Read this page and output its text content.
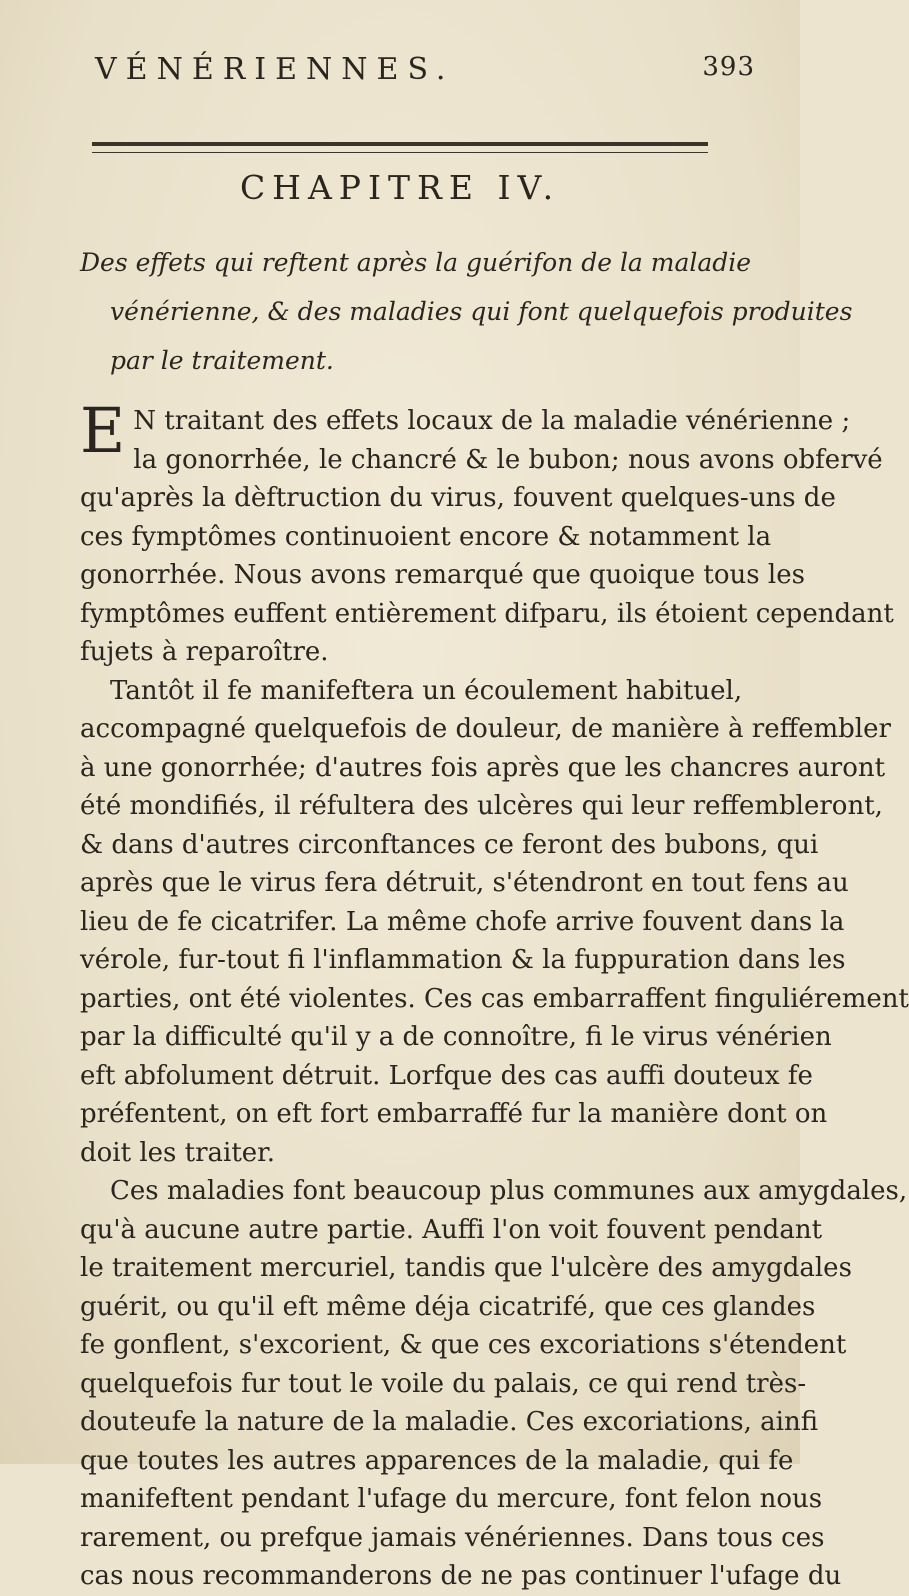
VÉNÉRIENNES.	393
CHAPITRE IV.
Des effets qui reftent après la guérifon de la maladie
vénérienne, & des maladies qui font quelquefois produites
par le traitement.

E N traitant des effets locaux de la maladie vénérienne ;
la gonorrhée, le chancré & le bubon; nous avons obfervé
qu'après la dèftruction du virus, fouvent quelques-uns de
ces fymptômes continuoient encore & notamment la
gonorrhée. Nous avons remarqué que quoique tous les
fymptômes euffent entièrement difparu, ils étoient cependant
fujets à reparoître.

Tantôt il fe manifeftera un écoulement habituel,
accompagné quelquefois de douleur, de manière à reffembler
à une gonorrhée; d'autres fois après que les chancres auront
été mondifiés, il réfultera des ulcères qui leur reffembleront,
& dans d'autres circonftances ce feront des bubons, qui
après que le virus fera détruit, s'étendront en tout fens au
lieu de fe cicatrifer. La même chofe arrive fouvent dans la
vérole, fur-tout fi l'inflammation & la fuppuration dans les
parties, ont été violentes. Ces cas embarraffent finguliérement
par la difficulté qu'il y a de connoître, fi le virus vénérien
eft abfolument détruit. Lorfque des cas auffi douteux fe
préfentent, on eft fort embarraffé fur la manière dont on
doit les traiter.

Ces maladies font beaucoup plus communes aux amygdales,
qu'à aucune autre partie. Auffi l'on voit fouvent pendant
le traitement mercuriel, tandis que l'ulcère des amygdales
guérit, ou qu'il eft même déja cicatrifé, que ces glandes
fe gonflent, s'excorient, & que ces excoriations s'étendent
quelquefois fur tout le voile du palais, ce qui rend très-
douteufe la nature de la maladie. Ces excoriations, ainfi
que toutes les autres apparences de la maladie, qui fe
manifeftent pendant l'ufage du mercure, font felon nous
rarement, ou prefque jamais vénériennes. Dans tous ces
cas nous recommanderons de ne pas continuer l'ufage du
